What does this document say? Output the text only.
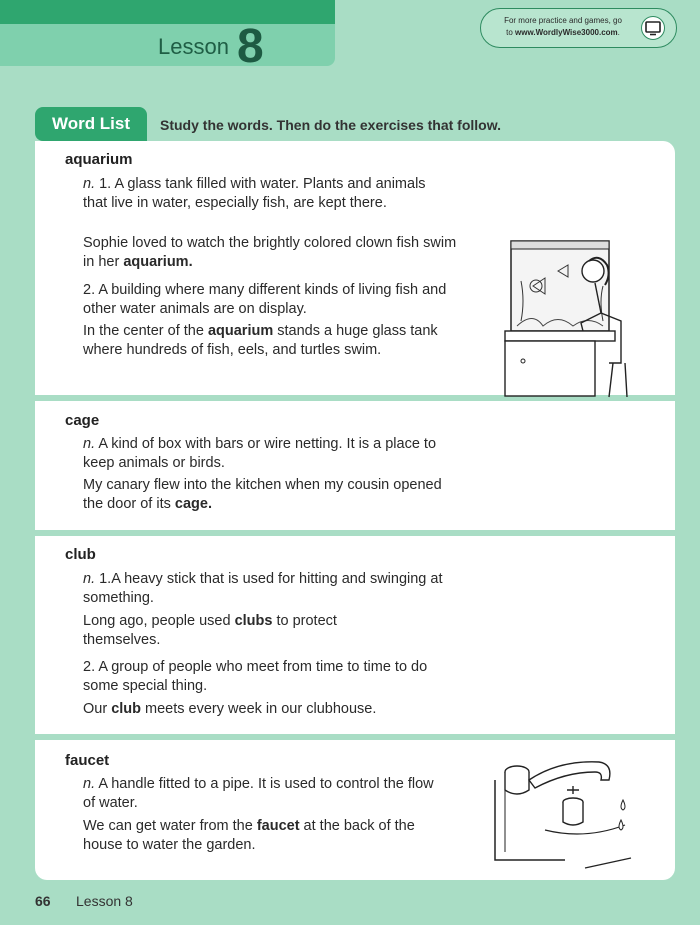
Lesson 8	For more practice and games, go
to www.WordlyWise3000.com.
Word List	Study the words. Then do the exercises that follow.
aquarium
n. 1. A glass tank filled with water. Plants and animals that live in water, especially fish, are kept there.
Sophie loved to watch the brightly colored clown fish swim in her aquarium.
2. A building where many different kinds of living fish and other water animals are on display.
In the center of the aquarium stands a huge glass tank where hundreds of fish, eels, and turtles swim.
cage
n. A kind of box with bars or wire netting. It is a place to keep animals or birds.
My canary flew into the kitchen when my cousin opened the door of its cage.
club
n. 1.A heavy stick that is used for hitting and swinging at something.
Long ago, people used clubs to protect themselves.
2. A group of people who meet from time to time to do some special thing.
Our club meets every week in our clubhouse.
faucet
n. A handle fitted to a pipe. It is used to control the flow of water.
We can get water from the faucet at the back of the house to water the garden.
66 Lesson 8
